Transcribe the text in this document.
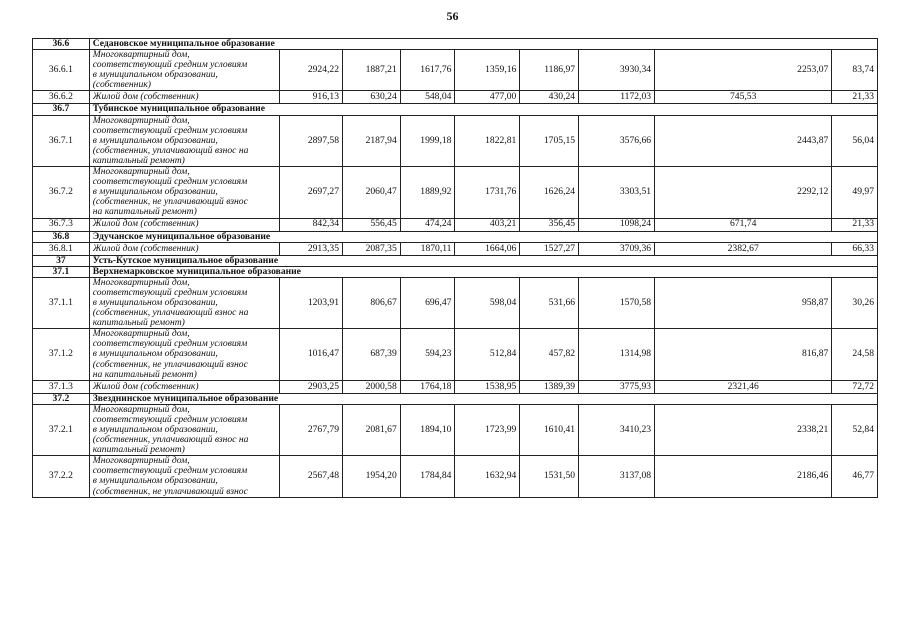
56
36.6	Седановское муниципальное образование								
36.6.1	Многоквартирный дом,
соответствующий средним условиям
в муниципальном образовании,
(собственник)	2924,22	1887,21	1617,76	1359,16	1186,97	3930,34	2253,07	83,74
36.6.2	Жилой дом (собственник)	916,13	630,24	548,04	477,00	430,24	1172,03	745,53	21,33
36.7	Тубинское муниципальное образование								
36.7.1	Многоквартирный дом,
соответствующий средним условиям
в муниципальном образовании,
(собственник, уплачивающий взнос на
капитальный ремонт)	2897,58	2187,94	1999,18	1822,81	1705,15	3576,66	2443,87	56,04
36.7.2	Многоквартирный дом,
соответствующий средним условиям
в муниципальном образовании,
(собственник, не уплачивающий взнос
на капитальный ремонт)	2697,27	2060,47	1889,92	1731,76	1626,24	3303,51	2292,12	49,97
36.7.3	Жилой дом (собственник)	842,34	556,45	474,24	403,21	356,45	1098,24	671,74	21,33
36.8	Эдучанское муниципальное образование								
36.8.1	Жилой дом (собственник)	2913,35	2087,35	1870,11	1664,06	1527,27	3709,36	2382,67	66,33
37	Усть-Кутское муниципальное образование								
37.1	Верхнемарковское муниципальное образование								
37.1.1	Многоквартирный дом,
соответствующий средним условиям
в муниципальном образовании,
(собственник, уплачивающий взнос на
капитальный ремонт)	1203,91	806,67	696,47	598,04	531,66	1570,58	958,87	30,26
37.1.2	Многоквартирный дом,
соответствующий средним условиям
в муниципальном образовании,
(собственник, не уплачивающий взнос
на капитальный ремонт)	1016,47	687,39	594,23	512,84	457,82	1314,98	816,87	24,58
37.1.3	Жилой дом (собственник)	2903,25	2000,58	1764,18	1538,95	1389,39	3775,93	2321,46	72,72
37.2	Звезднинское муниципальное образование								
37.2.1	Многоквартирный дом,
соответствующий средним условиям
в муниципальном образовании,
(собственник, уплачивающий взнос на
капитальный ремонт)	2767,79	2081,67	1894,10	1723,99	1610,41	3410,23	2338,21	52,84
37.2.2	Многоквартирный дом,
соответствующий средним условиям
в муниципальном образовании,
(собственник, не уплачивающий взнос	2567,48	1954,20	1784,84	1632,94	1531,50	3137,08	2186,46	46,77
